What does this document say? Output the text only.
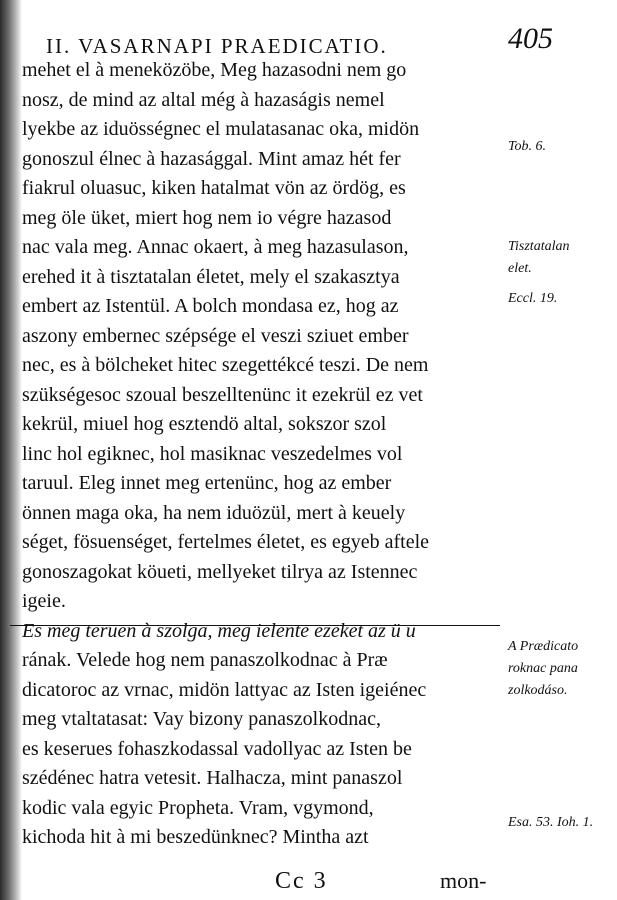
II. VASARNAPI PRAEDICATIO.	405
mehet el à meneközöbe, Meg hazasodni nem go
nosz, de mind az altal még à hazaságis nemel
lyekbe az iduösségnec el mulatasanac oka, midön
gonoszul élnec à hazasággal. Mint amaz hét fer
fiakrul oluasuc, kiken hatalmat vön az ördög, es
meg öle üket, miert hog nem io végre hazasod
nac vala meg. Annac okaert, à meg hazasulason,
erehed it à tisztatalan életet, mely el szakasztya
embert az Istentül. A bolch mondasa ez, hog az
aszony embernec szépsége el veszi sziuet ember
nec, es à bölcheket hitec szegettékcé teszi. De nem
szükségesoc szoual beszelltenünc it ezekrül ez vet
kekrül, miuel hog esztendö altal, sokszor szol
linc hol egiknec, hol masiknac veszedelmes vol
taruul. Eleg innet meg ertenünc, hog az ember
önnen maga oka, ha nem iduözül, mert à keuely
séget, fösuenséget, fertelmes életet, es egyeb aftele
gonoszagokat köueti, mellyeket tilrya az Istennec
igeie.
Es meg teruen à szolga, meg ielente ezeket az ü u
rának. Velede hog nem panaszolkodnac à Præ
dicatoroc az vrnac, midön lattyac az Isten igeiénec
meg vtaltatasat: Vay bizony panaszolkodnac,
es keserues fohaszkodassal vadollyac az Isten be
szédénec hatra vetesit. Halhacza, mint panaszol
kodic vala egyic Propheta. Vram, vgymond,
kichoda hit à mi beszedünknec? Mintha azt
Tob. 6.
Tisztatalan
elet.
Eccl. 19.
A Prædicato
roknac pana
zolkodáso.
Esa. 53. Ioh. 1.
Cc 3	mon-
